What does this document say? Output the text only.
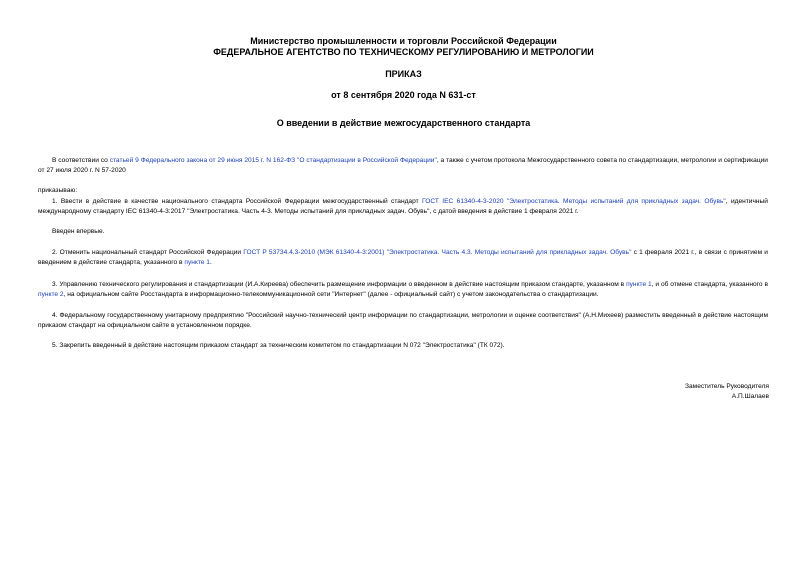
Министерство промышленности и торговли Российской Федерации
ФЕДЕРАЛЬНОЕ АГЕНТСТВО ПО ТЕХНИЧЕСКОМУ РЕГУЛИРОВАНИЮ И МЕТРОЛОГИИ
ПРИКАЗ
от 8 сентября 2020 года N 631-ст
О введении в действие межгосударственного стандарта
В соответствии со статьей 9 Федерального закона от 29 июня 2015 г. N 162-ФЗ "О стандартизации в Российской Федерации", а также с учетом протокола Межгосударственного совета по стандартизации, метрологии и сертификации от 27 июля 2020 г. N 57-2020
приказываю:
1. Ввести в действие в качестве национального стандарта Российской Федерации межгосударственный стандарт ГОСТ IEC 61340-4-3-2020 "Электростатика. Методы испытаний для прикладных задач. Обувь", идентичный международному стандарту IEC 61340-4-3:2017 "Электростатика. Часть 4-3. Методы испытаний для прикладных задач. Обувь", с датой введения в действие 1 февраля 2021 г.
Введен впервые.
2. Отменить национальный стандарт Российской Федерации ГОСТ Р 53734.4.3-2010 (МЭК 61340-4-3:2001) "Электростатика. Часть 4.3. Методы испытаний для прикладных задач. Обувь" с 1 февраля 2021 г., в связи с принятием и введением в действие стандарта, указанного в пункте 1.
3. Управлению технического регулирования и стандартизации (И.А.Киреева) обеспечить размещение информации о введенном в действие настоящим приказом стандарте, указанном в пункте 1, и об отмене стандарта, указанного в пункте 2, на официальном сайте Росстандарта в информационно-телекоммуникационной сети "Интернет" (далее - официальный сайт) с учетом законодательства о стандартизации.
4. Федеральному государственному унитарному предприятию "Российский научно-технический центр информации по стандартизации, метрологии и оценке соответствия" (А.Н.Михеев) разместить введенный в действие настоящим приказом стандарт на официальном сайте в установленном порядке.
5. Закрепить введенный в действие настоящим приказом стандарт за техническим комитетом по стандартизации N 072 "Электростатика" (ТК 072).
Заместитель Руководителя
А.П.Шалаев
